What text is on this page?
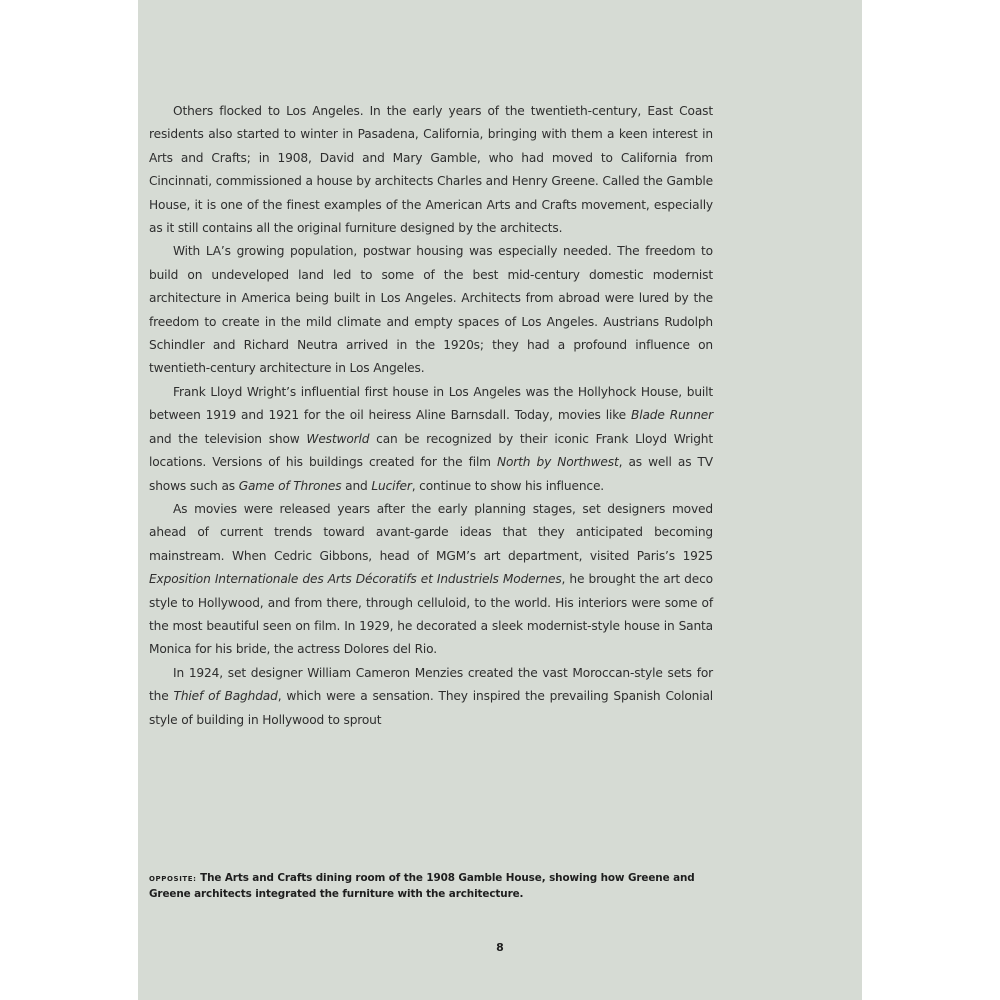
Others flocked to Los Angeles. In the early years of the twentieth-century, East Coast residents also started to winter in Pasadena, California, bringing with them a keen interest in Arts and Crafts; in 1908, David and Mary Gamble, who had moved to California from Cincinnati, commissioned a house by architects Charles and Henry Greene. Called the Gamble House, it is one of the finest examples of the American Arts and Crafts movement, especially as it still contains all the original furniture designed by the architects.

With LA’s growing population, postwar housing was especially needed. The freedom to build on undeveloped land led to some of the best mid-century domestic modernist architecture in America being built in Los Angeles. Architects from abroad were lured by the freedom to create in the mild climate and empty spaces of Los Angeles. Austrians Rudolph Schindler and Richard Neutra arrived in the 1920s; they had a profound influence on twentieth-century architecture in Los Angeles.

Frank Lloyd Wright’s influential first house in Los Angeles was the Hollyhock House, built between 1919 and 1921 for the oil heiress Aline Barnsdall. Today, movies like Blade Runner and the television show Westworld can be recognized by their iconic Frank Lloyd Wright locations. Versions of his buildings created for the film North by Northwest, as well as TV shows such as Game of Thrones and Lucifer, continue to show his influence.

As movies were released years after the early planning stages, set designers moved ahead of current trends toward avant-garde ideas that they anticipated becoming mainstream. When Cedric Gibbons, head of MGM’s art department, visited Paris’s 1925 Exposition Internationale des Arts Décoratifs et Industriels Modernes, he brought the art deco style to Hollywood, and from there, through celluloid, to the world. His interiors were some of the most beautiful seen on film. In 1929, he decorated a sleek modernist-style house in Santa Monica for his bride, the actress Dolores del Rio.

In 1924, set designer William Cameron Menzies created the vast Moroccan-style sets for the Thief of Baghdad, which were a sensation. They inspired the prevailing Spanish Colonial style of building in Hollywood to sprout

OPPOSITE: The Arts and Crafts dining room of the 1908 Gamble House, showing how Greene and Greene architects integrated the furniture with the architecture.
8
